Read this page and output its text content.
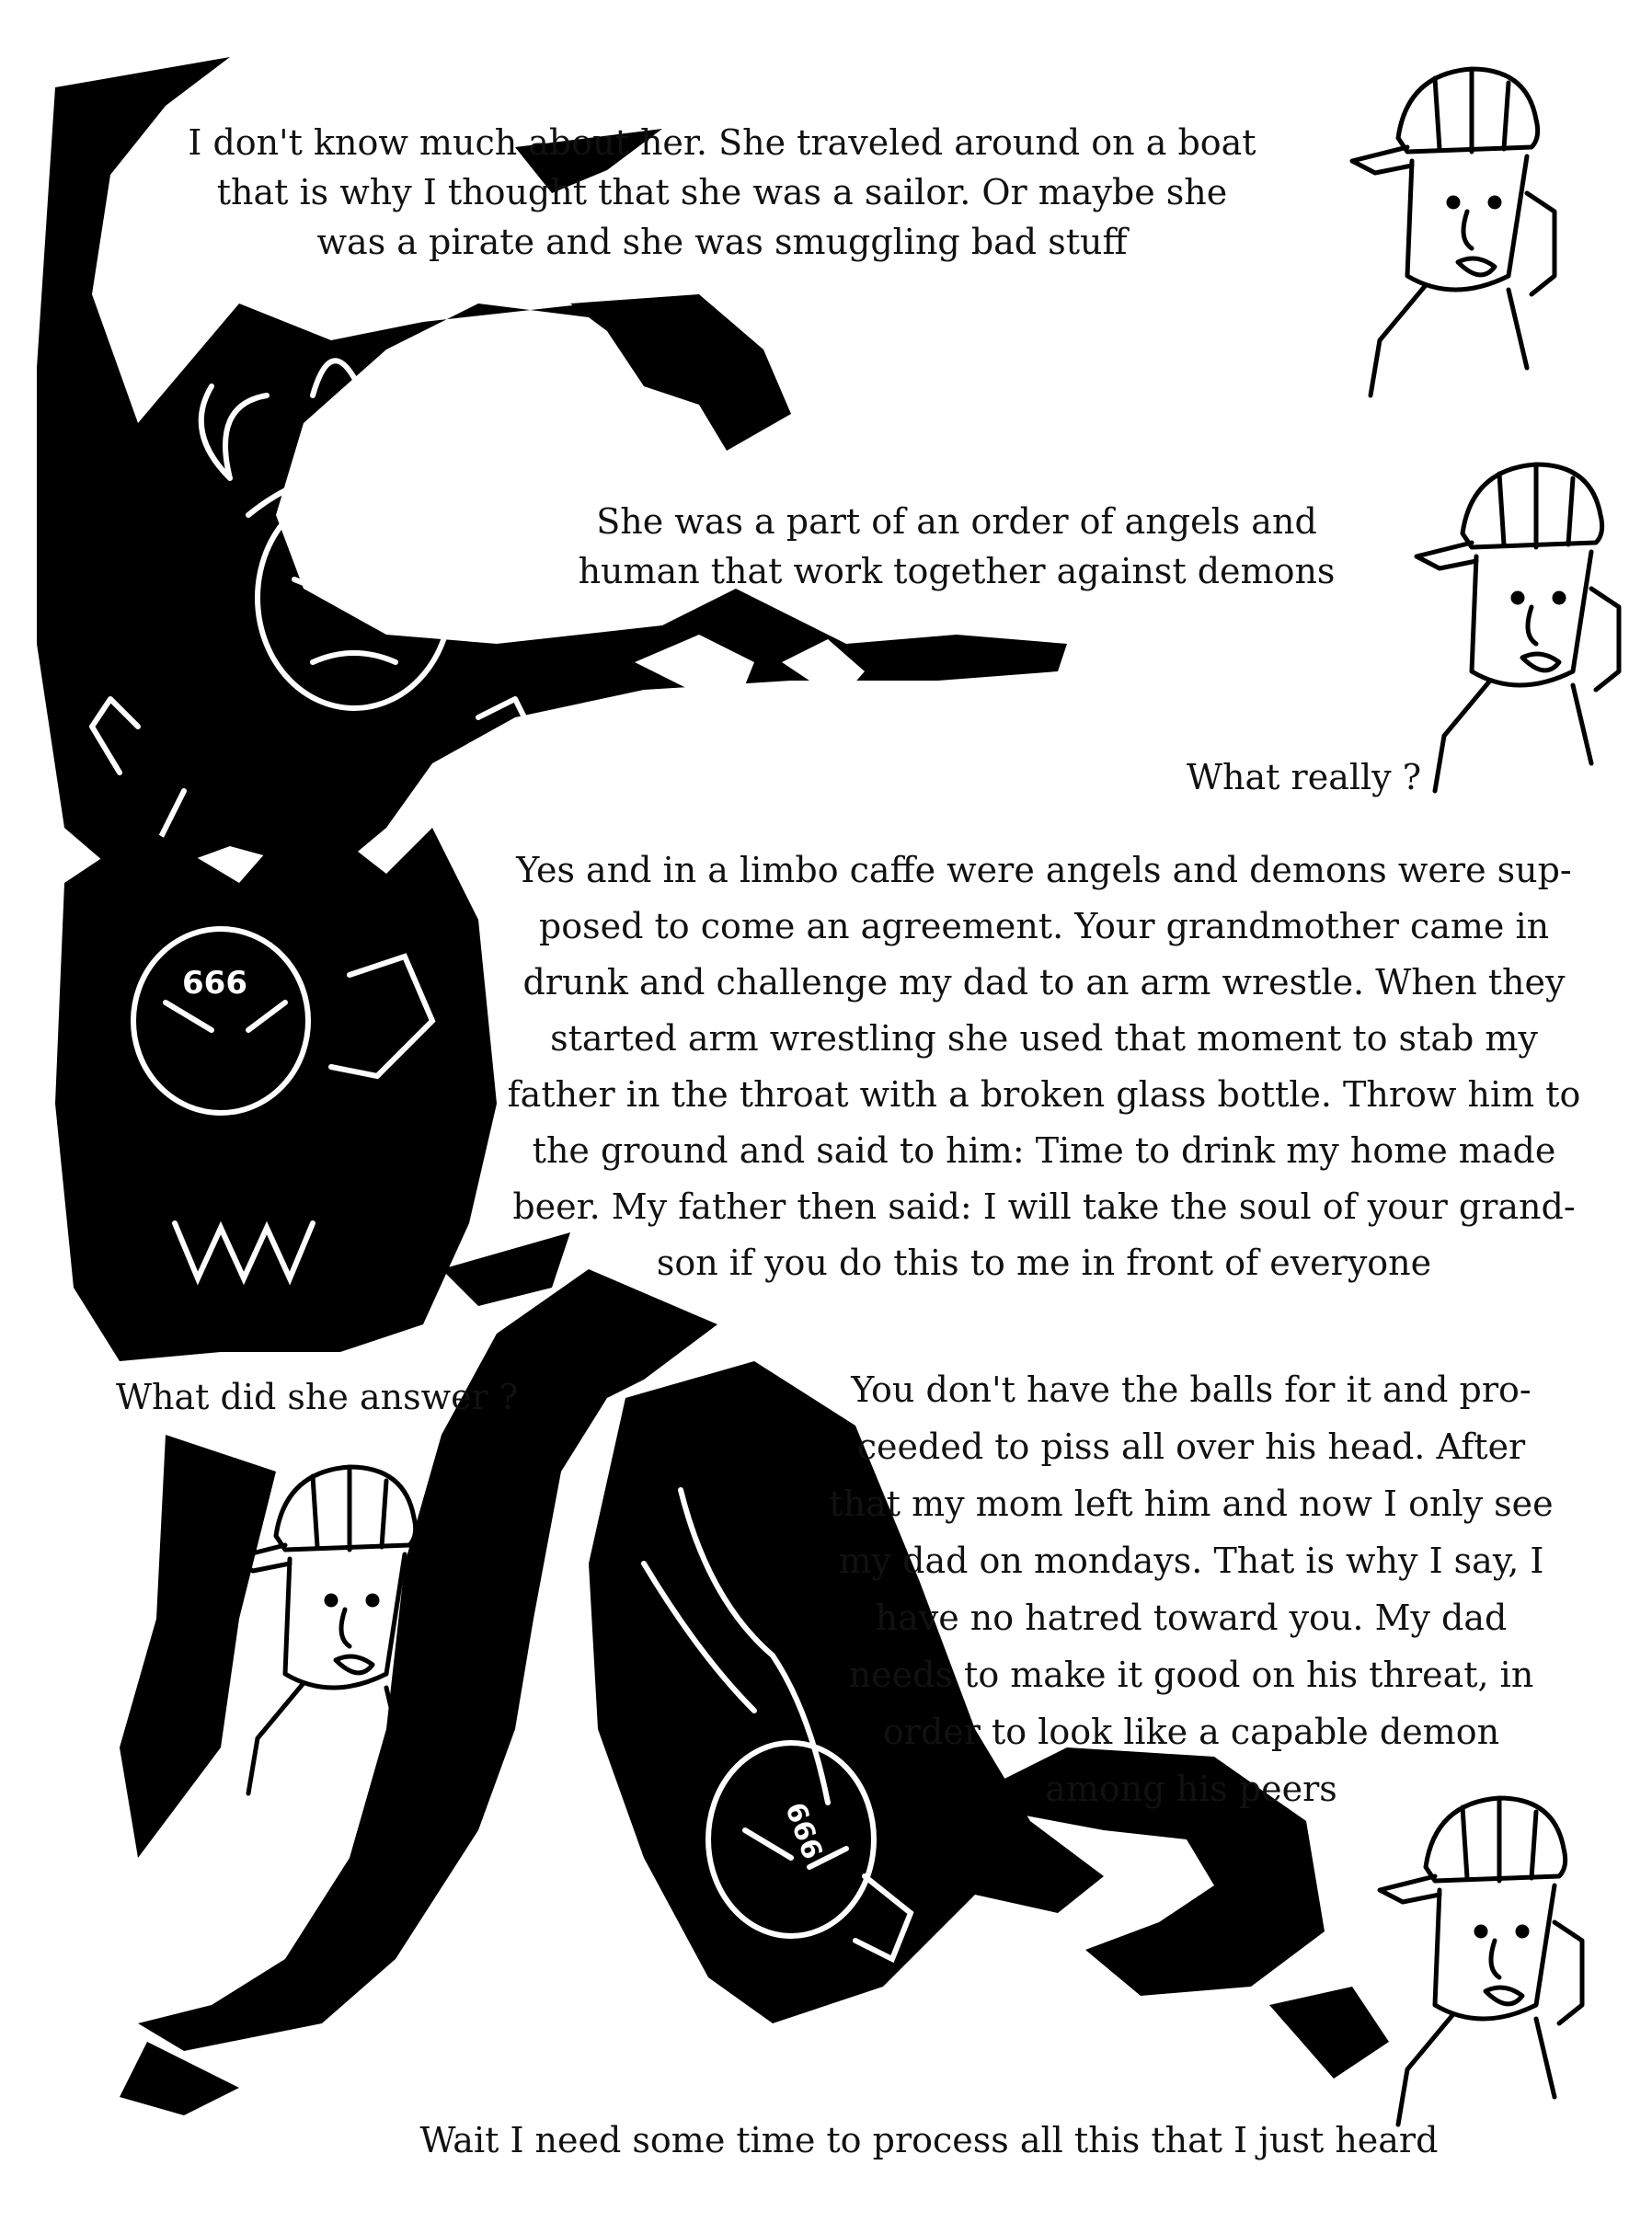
666
666
666

I don't know much about her. She traveled around on a boat
that is why I thought that she was a sailor. Or maybe she
was a pirate and she was smuggling bad stuff

She was a part of an order of angels and
human that work together against demons

What really ?

Yes and in a limbo caffe were angels and demons were sup-
posed to come an agreement. Your grandmother came in
drunk and challenge my dad to an arm wrestle. When they
started arm wrestling she used that moment to stab my
father in the throat with a broken glass bottle. Throw him to
the ground and said to him: Time to drink my home made
beer. My father then said: I will take the soul of your grand-
son if you do this to me in front of everyone

What did she answer ?	You don't have the balls for it and pro-
ceeded to piss all over his head. After
that my mom left him and now I only see
my dad on mondays. That is why I say, I
have no hatred toward you. My dad
needs to make it good on his threat, in
order to look like a capable demon
among his peers

Wait I need some time to process all this that I just heard
